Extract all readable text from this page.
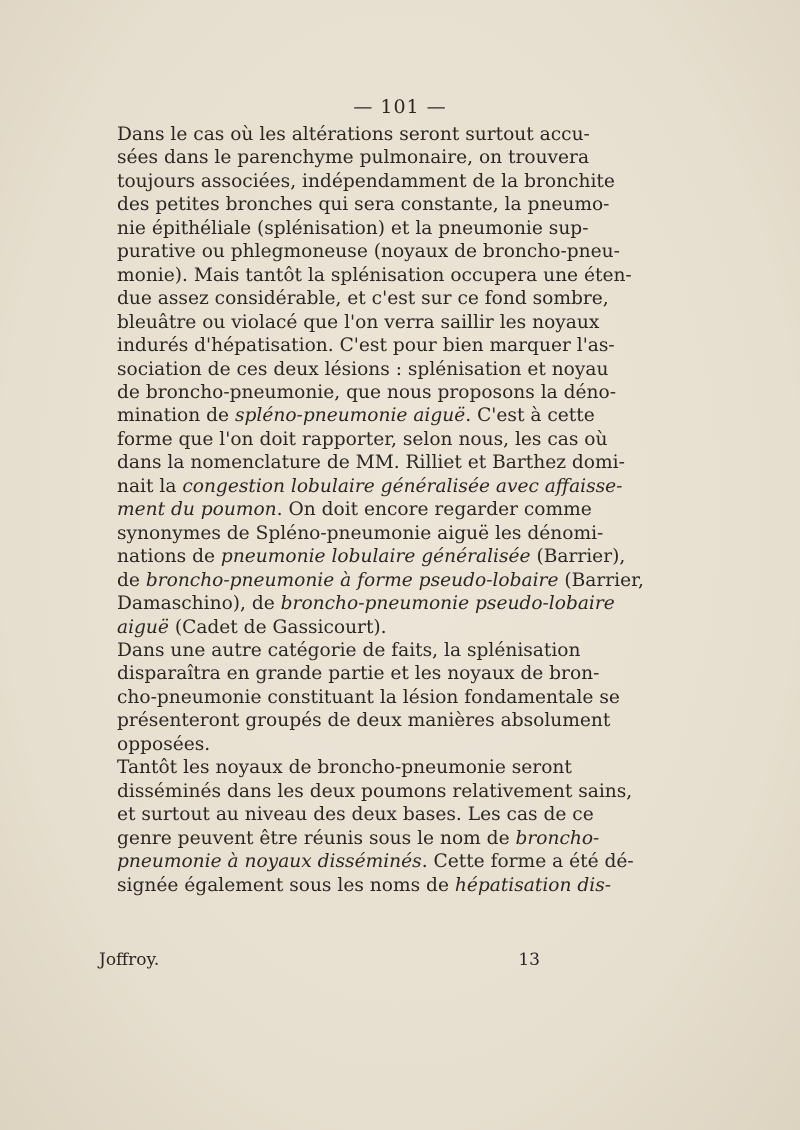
— 101 —

Dans le cas où les altérations seront surtout accu-
sées dans le parenchyme pulmonaire, on trouvera
toujours associées, indépendamment de la bronchite
des petites bronches qui sera constante, la pneumo-
nie épithéliale (splénisation) et la pneumonie sup-
purative ou phlegmoneuse (noyaux de broncho-pneu-
monie). Mais tantôt la splénisation occupera une éten-
due assez considérable, et c'est sur ce fond sombre,
bleuâtre ou violacé que l'on verra saillir les noyaux
indurés d'hépatisation. C'est pour bien marquer l'as-
sociation de ces deux lésions : splénisation et noyau
de broncho-pneumonie, que nous proposons la déno-
mination de spléno-pneumonie aiguë. C'est à cette
forme que l'on doit rapporter, selon nous, les cas où
dans la nomenclature de MM. Rilliet et Barthez domi-
nait la congestion lobulaire généralisée avec affaisse-
ment du poumon. On doit encore regarder comme
synonymes de Spléno-pneumonie aiguë les dénomi-
nations de pneumonie lobulaire généralisée (Barrier),
de broncho-pneumonie à forme pseudo-lobaire (Barrier,
Damaschino), de broncho-pneumonie pseudo-lobaire
aiguë (Cadet de Gassicourt).

Dans une autre catégorie de faits, la splénisation
disparaîtra en grande partie et les noyaux de bron-
cho-pneumonie constituant la lésion fondamentale se
présenteront groupés de deux manières absolument
opposées.

Tantôt les noyaux de broncho-pneumonie seront
disséminés dans les deux poumons relativement sains,
et surtout au niveau des deux bases. Les cas de ce
genre peuvent être réunis sous le nom de broncho-
pneumonie à noyaux disséminés. Cette forme a été dé-
signée également sous les noms de hépatisation dis-

Joffroy.	13
